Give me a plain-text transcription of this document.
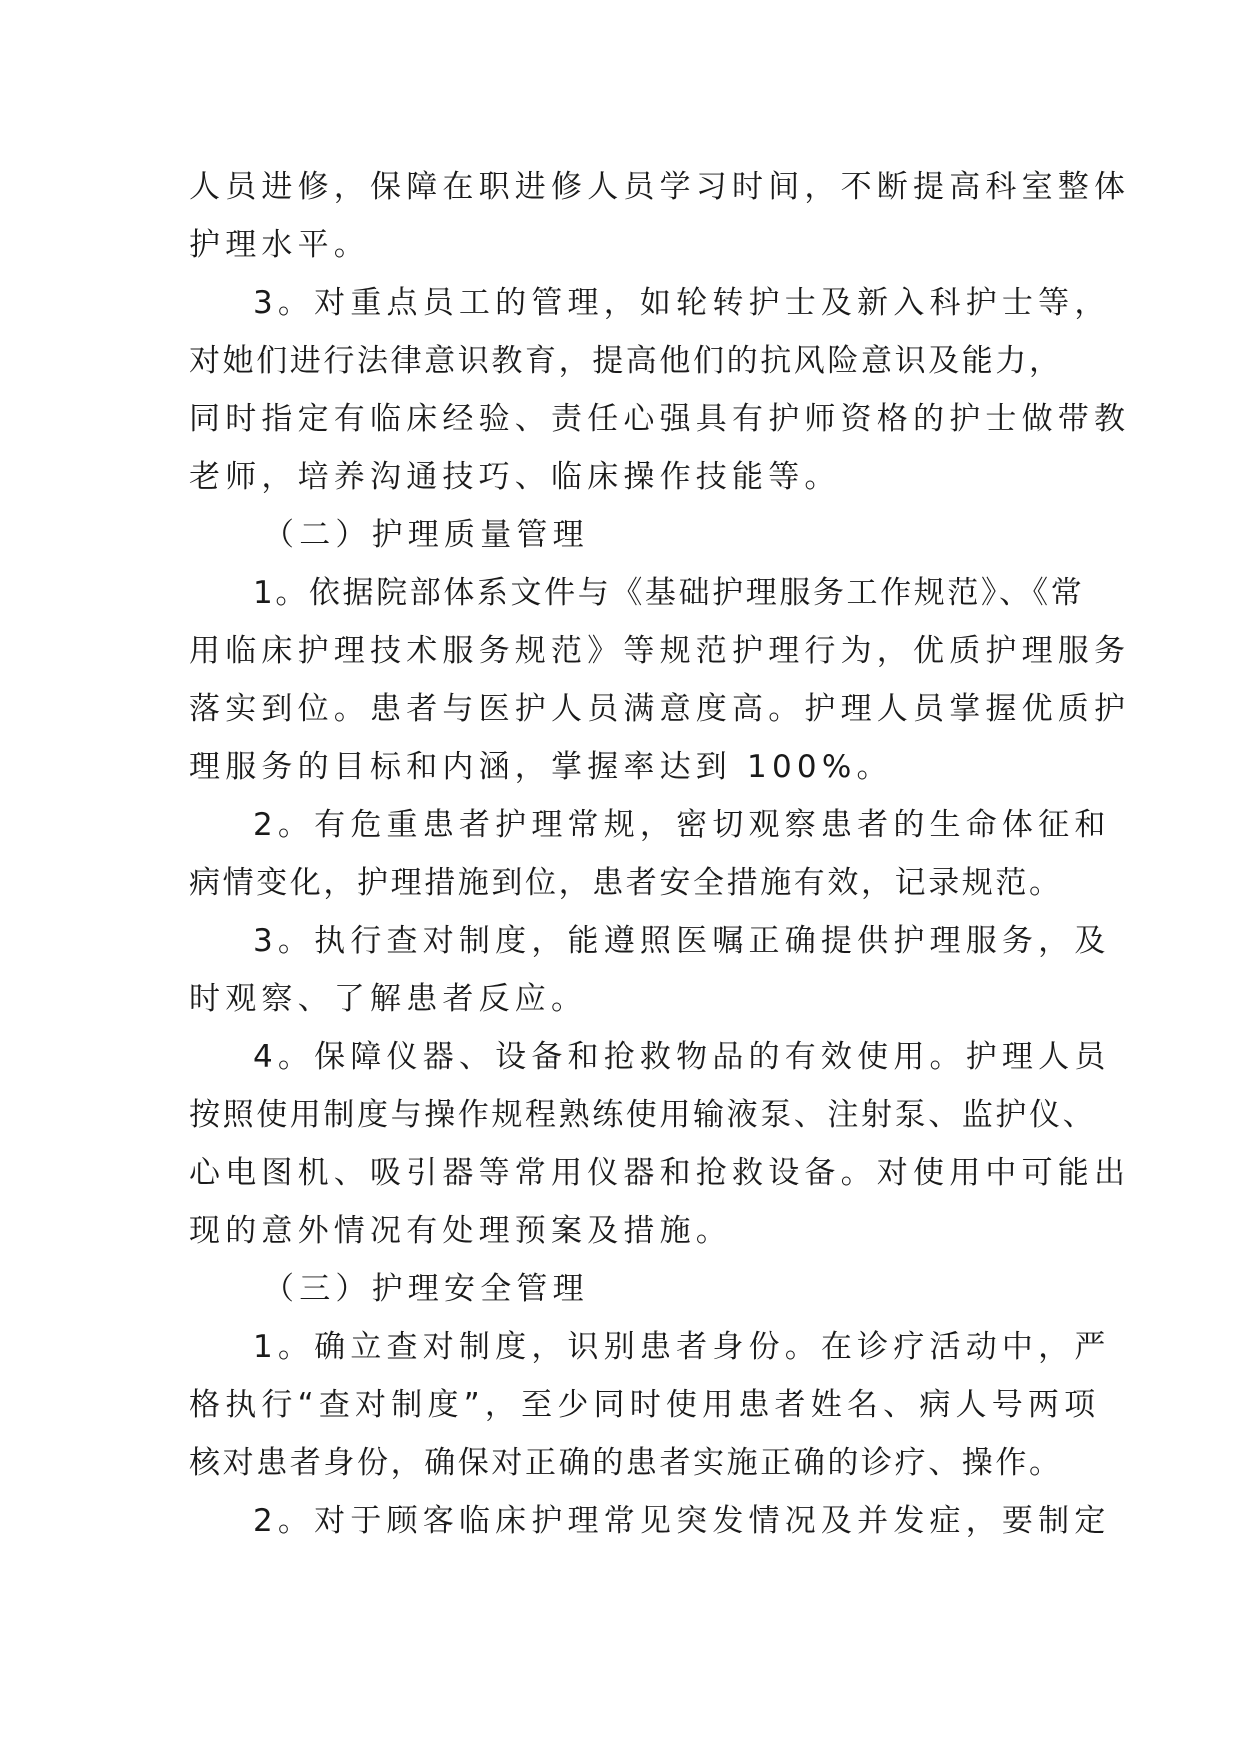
人员进修，保障在职进修人员学习时间，不断提高科室整体
护理水平。
3。对重点员工的管理，如轮转护士及新入科护士等，
对她们进行法律意识教育，提高他们的抗风险意识及能力，
同时指定有临床经验、责任心强具有护师资格的护士做带教
老师，培养沟通技巧、临床操作技能等。
（二）护理质量管理
1。依据院部体系文件与《基础护理服务工作规范》、《常
用临床护理技术服务规范》等规范护理行为，优质护理服务
落实到位。患者与医护人员满意度高。护理人员掌握优质护
理服务的目标和内涵，掌握率达到 100%。
2。有危重患者护理常规，密切观察患者的生命体征和
病情变化，护理措施到位，患者安全措施有效，记录规范。
3。执行查对制度，能遵照医嘱正确提供护理服务，及
时观察、了解患者反应。
4。保障仪器、设备和抢救物品的有效使用。护理人员
按照使用制度与操作规程熟练使用输液泵、注射泵、监护仪、
心电图机、吸引器等常用仪器和抢救设备。对使用中可能出
现的意外情况有处理预案及措施。
（三）护理安全管理
1。确立查对制度，识别患者身份。在诊疗活动中，严
格执行“查对制度”，至少同时使用患者姓名、病人号两项
核对患者身份，确保对正确的患者实施正确的诊疗、操作。
2。对于顾客临床护理常见突发情况及并发症，要制定
